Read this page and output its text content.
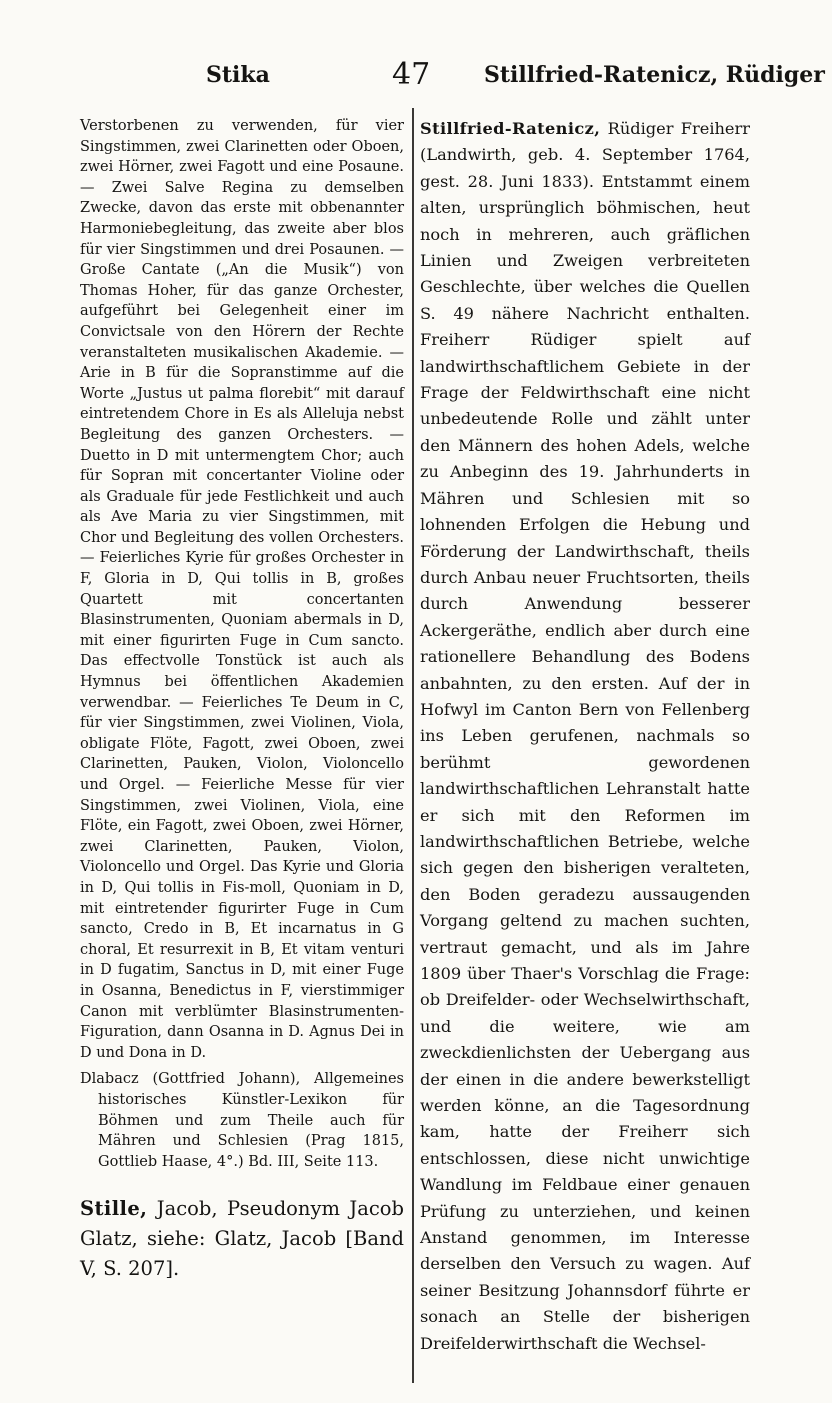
Stika	47 Stillfried-Ratenicz, Rüdiger

Verstorbenen zu verwenden, für vier Singstimmen, zwei Clarinetten oder Oboen, zwei Hörner, zwei Fagott und eine Posaune. — Zwei Salve Regina zu demselben Zwecke, davon das erste mit obbenannter Harmoniebegleitung, das zweite aber blos für vier Singstimmen und drei Posaunen. — Große Cantate („An die Musik“) von Thomas Hoher, für das ganze Orchester, aufgeführt bei Gelegenheit einer im Convictsale von den Hörern der Rechte veranstalteten musikalischen Akademie. — Arie in B für die Sopranstimme auf die Worte „Justus ut palma florebit“ mit darauf eintretendem Chore in Es als Alleluja nebst Begleitung des ganzen Orchesters. — Duetto in D mit untermengtem Chor; auch für Sopran mit concertanter Violine oder als Graduale für jede Festlichkeit und auch als Ave Maria zu vier Singstimmen, mit Chor und Begleitung des vollen Orchesters. — Feierliches Kyrie für großes Orchester in F, Gloria in D, Qui tollis in B, großes Quartett mit concertanten Blasinstrumenten, Quoniam abermals in D, mit einer figurirten Fuge in Cum sancto. Das effectvolle Tonstück ist auch als Hymnus bei öffentlichen Akademien verwendbar. — Feierliches Te Deum in C, für vier Singstimmen, zwei Violinen, Viola, obligate Flöte, Fagott, zwei Oboen, zwei Clarinetten, Pauken, Violon, Violoncello und Orgel. — Feierliche Messe für vier Singstimmen, zwei Violinen, Viola, eine Flöte, ein Fagott, zwei Oboen, zwei Hörner, zwei Clarinetten, Pauken, Violon, Violoncello und Orgel. Das Kyrie und Gloria in D, Qui tollis in Fis-moll, Quoniam in D, mit eintretender figurirter Fuge in Cum sancto, Credo in B, Et incarnatus in G choral, Et resurrexit in B, Et vitam venturi in D fugatim, Sanctus in D, mit einer Fuge in Osanna, Benedictus in F, vierstimmiger Canon mit verblümter Blasinstrumenten-Figuration, dann Osanna in D. Agnus Dei in D und Dona in D.

Dlabacz (Gottfried Johann), Allgemeines historisches Künstler-Lexikon für Böhmen und zum Theile auch für Mähren und Schlesien (Prag 1815, Gottlieb Haase, 4°.) Bd. III, Seite 113.

Stille, Jacob, Pseudonym Jacob Glatz, siehe: Glatz, Jacob [Band V, S. 207].

Stillfried-Ratenicz, Rüdiger Freiherr (Landwirth, geb. 4. September 1764, gest. 28. Juni 1833). Entstammt einem alten, ursprünglich böhmischen, heut noch in mehreren, auch gräflichen Linien und Zweigen verbreiteten Geschlechte, über welches die Quellen S. 49 nähere Nachricht enthalten. Freiherr Rüdiger spielt auf landwirthschaftlichem Gebiete in der Frage der Feldwirthschaft eine nicht unbedeutende Rolle und zählt unter den Männern des hohen Adels, welche zu Anbeginn des 19. Jahrhunderts in Mähren und Schlesien mit so lohnenden Erfolgen die Hebung und Förderung der Landwirthschaft, theils durch Anbau neuer Fruchtsorten, theils durch Anwendung besserer Ackergeräthe, endlich aber durch eine rationellere Behandlung des Bodens anbahnten, zu den ersten. Auf der in Hofwyl im Canton Bern von Fellenberg ins Leben gerufenen, nachmals so berühmt gewordenen landwirthschaftlichen Lehranstalt hatte er sich mit den Reformen im landwirthschaftlichen Betriebe, welche sich gegen den bisherigen veralteten, den Boden geradezu aussaugenden Vorgang geltend zu machen suchten, vertraut gemacht, und als im Jahre 1809 über Thaer's Vorschlag die Frage: ob Dreifelder- oder Wechselwirthschaft, und die weitere, wie am zweckdienlichsten der Uebergang aus der einen in die andere bewerkstelligt werden könne, an die Tagesordnung kam, hatte der Freiherr sich entschlossen, diese nicht unwichtige Wandlung im Feldbaue einer genauen Prüfung zu unterziehen, und keinen Anstand genommen, im Interesse derselben den Versuch zu wagen. Auf seiner Besitzung Johannsdorf führte er sonach an Stelle der bisherigen Dreifelderwirthschaft die Wechsel-
